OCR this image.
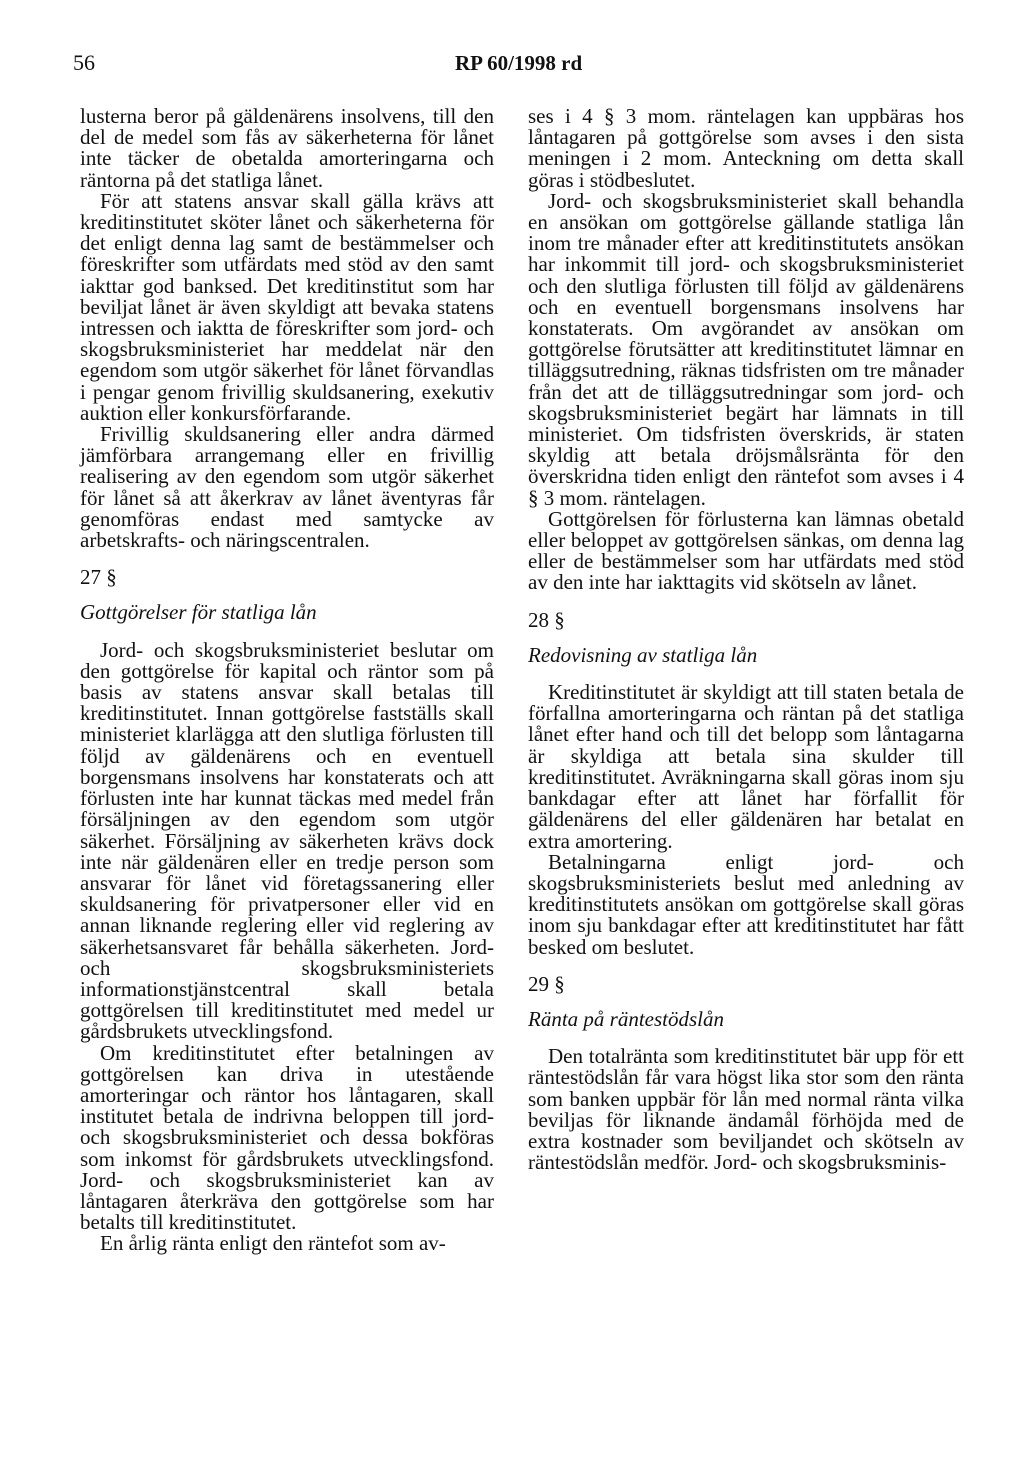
56	RP 60/1998 rd

lusterna beror på gäldenärens insolvens, till den del de medel som fås av säkerheterna för lånet inte täcker de obetalda amorteringarna och räntorna på det statliga lånet.

För att statens ansvar skall gälla krävs att kreditinstitutet sköter lånet och säkerheterna för det enligt denna lag samt de bestämmelser och föreskrifter som utfärdats med stöd av den samt iakttar god banksed. Det kreditinstitut som har beviljat lånet är även skyldigt att bevaka statens intressen och iaktta de föreskrifter som jord- och skogsbruksministeriet har meddelat när den egendom som utgör säkerhet för lånet förvandlas i pengar genom frivillig skuldsanering, exekutiv auktion eller konkursförfarande.

Frivillig skuldsanering eller andra därmed jämförbara arrangemang eller en frivillig realisering av den egendom som utgör säkerhet för lånet så att åkerkrav av lånet äventyras får genomföras endast med samtycke av arbetskrafts- och näringscentralen.

27 §

Gottgörelser för statliga lån

Jord- och skogsbruksministeriet beslutar om den gottgörelse för kapital och räntor som på basis av statens ansvar skall betalas till kreditinstitutet. Innan gottgörelse fastställs skall ministeriet klarlägga att den slutliga förlusten till följd av gäldenärens och en eventuell borgensmans insolvens har konstaterats och att förlusten inte har kunnat täckas med medel från försäljningen av den egendom som utgör säkerhet. Försäljning av säkerheten krävs dock inte när gäldenären eller en tredje person som ansvarar för lånet vid företagssanering eller skuldsanering för privatpersoner eller vid en annan liknande reglering eller vid reglering av säkerhetsansvaret får behålla säkerheten. Jord- och skogsbruksministeriets informationstjänstcentral skall betala gottgörelsen till kreditinstitutet med medel ur gårdsbrukets utvecklingsfond.

Om kreditinstitutet efter betalningen av gottgörelsen kan driva in utestående amorteringar och räntor hos låntagaren, skall institutet betala de indrivna beloppen till jord- och skogsbruksministeriet och dessa bokföras som inkomst för gårdsbrukets utvecklingsfond. Jord- och skogsbruksministeriet kan av låntagaren återkräva den gottgörelse som har betalts till kreditinstitutet.

En årlig ränta enligt den räntefot som av-

ses i 4 § 3 mom. räntelagen kan uppbäras hos låntagaren på gottgörelse som avses i den sista meningen i 2 mom. Anteckning om detta skall göras i stödbeslutet.

Jord- och skogsbruksministeriet skall behandla en ansökan om gottgörelse gällande statliga lån inom tre månader efter att kreditinstitutets ansökan har inkommit till jord- och skogsbruksministeriet och den slutliga förlusten till följd av gäldenärens och en eventuell borgensmans insolvens har konstaterats. Om avgörandet av ansökan om gottgörelse förutsätter att kreditinstitutet lämnar en tilläggsutredning, räknas tidsfristen om tre månader från det att de tilläggsutredningar som jord- och skogsbruksministeriet begärt har lämnats in till ministeriet. Om tidsfristen överskrids, är staten skyldig att betala dröjsmålsränta för den överskridna tiden enligt den räntefot som avses i 4 § 3 mom. räntelagen.

Gottgörelsen för förlusterna kan lämnas obetald eller beloppet av gottgörelsen sänkas, om denna lag eller de bestämmelser som har utfärdats med stöd av den inte har iakttagits vid skötseln av lånet.

28 §

Redovisning av statliga lån

Kreditinstitutet är skyldigt att till staten betala de förfallna amorteringarna och räntan på det statliga lånet efter hand och till det belopp som låntagarna är skyldiga att betala sina skulder till kreditinstitutet. Avräkningarna skall göras inom sju bankdagar efter att lånet har förfallit för gäldenärens del eller gäldenären har betalat en extra amortering.

Betalningarna enligt jord- och skogsbruksministeriets beslut med anledning av kreditinstitutets ansökan om gottgörelse skall göras inom sju bankdagar efter att kreditinstitutet har fått besked om beslutet.

29 §

Ränta på räntestödslån

Den totalränta som kreditinstitutet bär upp för ett räntestödslån får vara högst lika stor som den ränta som banken uppbär för lån med normal ränta vilka beviljas för liknande ändamål förhöjda med de extra kostnader som beviljandet och skötseln av räntestödslån medför. Jord- och skogsbruksminis-
